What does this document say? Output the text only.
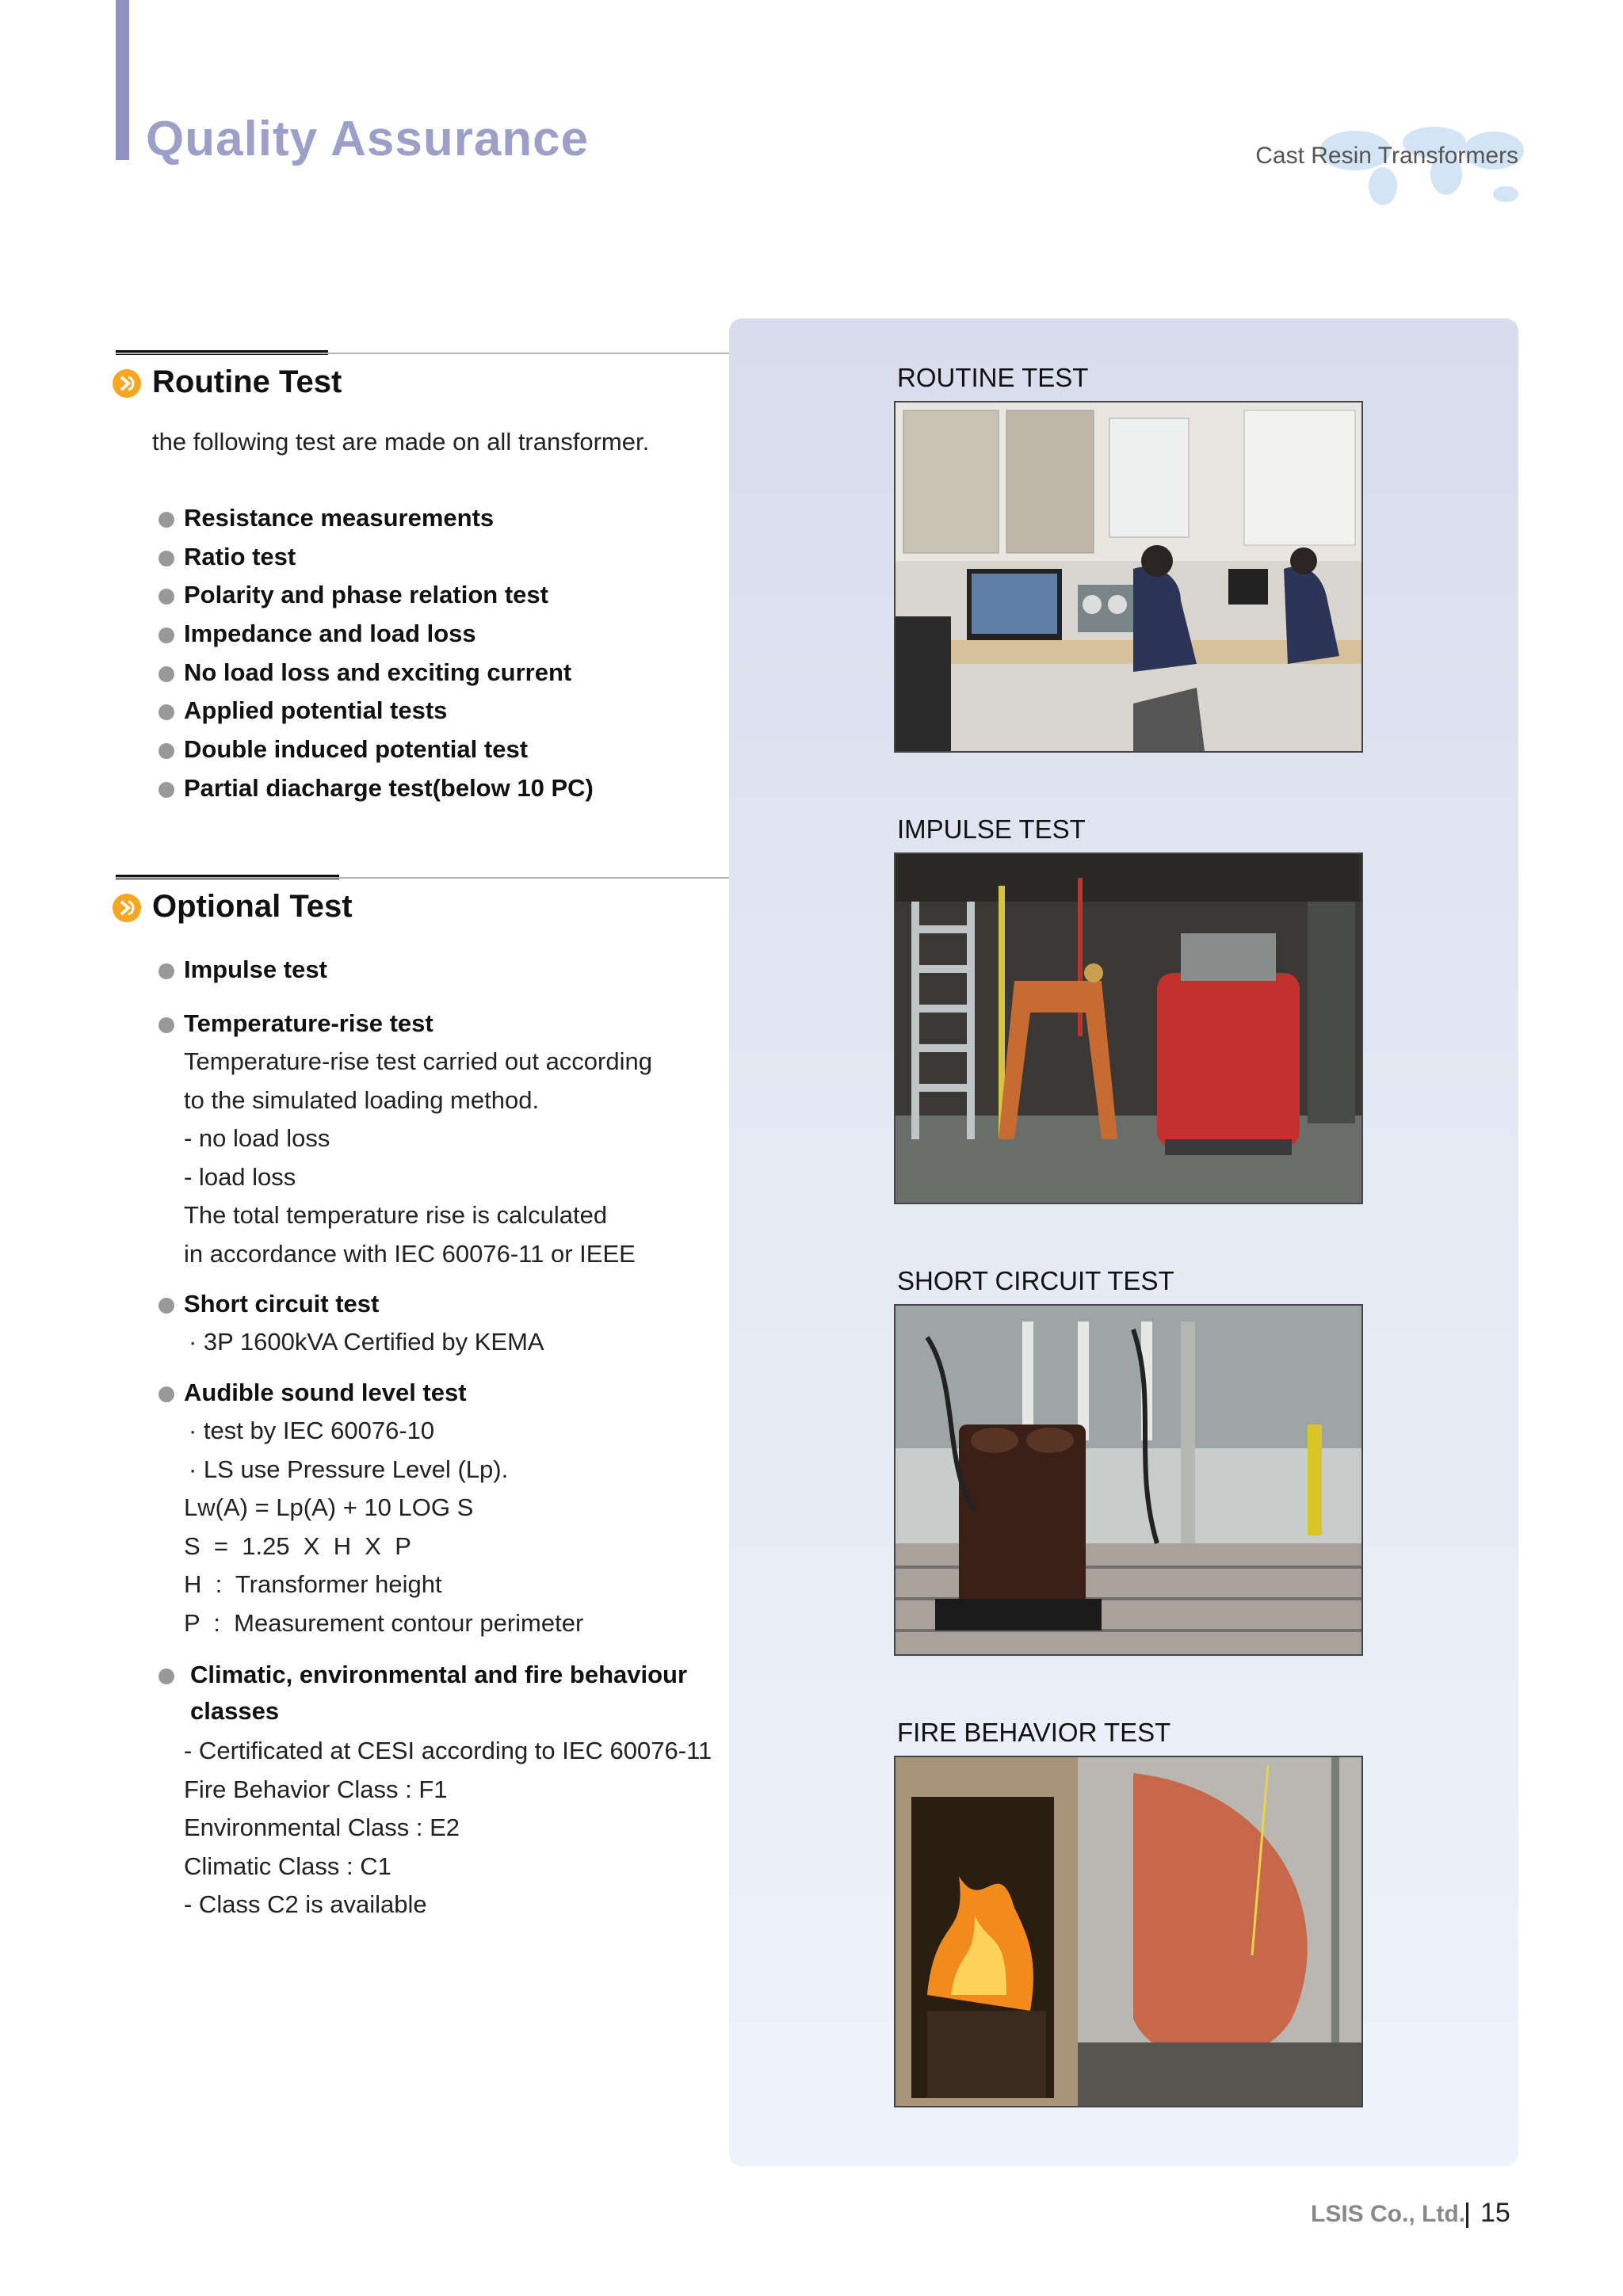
Quality Assurance	Cast Resin Transformers
Routine Test
the following test are made on all transformer.
Resistance measurements
Ratio test
Polarity and phase relation test
Impedance and load loss
No load loss and exciting current
Applied potential tests
Double induced potential test
Partial diacharge test(below 10 PC)
Optional Test
Impulse test
Temperature-rise test
Temperature-rise test carried out according
to the simulated loading method.
- no load loss
- load loss
The total temperature rise is calculated
in accordance with IEC 60076-11 or IEEE
Short circuit test
· 3P 1600kVA Certified by KEMA
Audible sound level test
· test by IEC 60076-10
· LS use Pressure Level (Lp).
Lw(A) = Lp(A) + 10 LOG S
S  =  1.25  X  H  X  P
H  :  Transformer height
P  :  Measurement contour perimeter
Climatic, environmental and fire behaviour
classes
- Certificated at CESI according to IEC 60076-11
Fire Behavior Class : F1
Environmental Class : E2
Climatic Class : C1
- Class C2 is available
ROUTINE TEST
IMPULSE TEST
SHORT CIRCUIT TEST
FIRE BEHAVIOR TEST
LSIS Co., Ltd. 15
